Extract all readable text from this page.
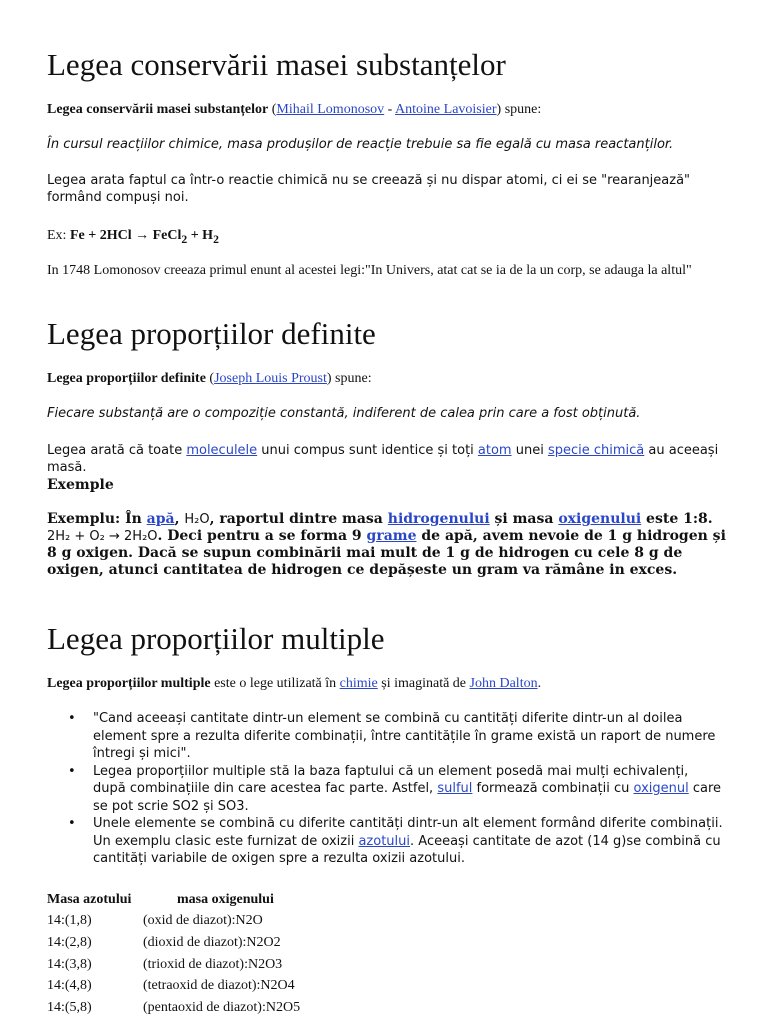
Legea conservării masei substanțelor

Legea conservării masei substanțelor (Mihail Lomonosov - Antoine Lavoisier) spune:

În cursul reacțiilor chimice, masa produșilor de reacție trebuie sa fie egală cu masa reactanților.

Legea arata faptul ca într-o reactie chimică nu se creează și nu dispar atomi, ci ei se "rearanjează" formând compuși noi.

Ex: Fe + 2HCl → FeCl$_2$ + $H_2$

In 1748 Lomonosov creeaza primul enunt al acestei legi:"In Univers, atat cat se ia de la un corp, se adauga la altul"

Legea proporțiilor definite

Legea proporțiilor definite (Joseph Louis Proust) spune:

Fiecare substanță are o compoziție constantă, indiferent de calea prin care a fost obținută.

Legea arată că toate moleculele unui compus sunt identice și toți atom unei specie chimică au aceeași masă.

Exemple

Exemplu: În apă, H₂O, raportul dintre masa hidrogenului și masa oxigenului este 1:8.
2H₂ + O₂ → 2H₂O. Deci pentru a se forma 9 grame de apă, avem nevoie de 1 g hidrogen și 8 g oxigen. Dacă se supun combinării mai mult de 1 g de hidrogen cu cele 8 g de oxigen, atunci cantitatea de hidrogen ce depășeste un gram va rămâne in exces.

Legea proporțiilor multiple

Legea proporțiilor multiple este o lege utilizată în chimie și imaginată de John Dalton.

• "Cand aceeași cantitate dintr-un element se combină cu cantități diferite dintr-un al doilea element spre a rezulta diferite combinații, între cantitățile în grame există un raport de numere întregi și mici".
• Legea proporțiilor multiple stă la baza faptului că un element posedă mai mulți echivalenți, după combinațiile din care acestea fac parte. Astfel, sulful formează combinații cu oxigenul care se pot scrie SO2 și SO3.
• Unele elemente se combină cu diferite cantități dintr-un alt element formând diferite combinații. Un exemplu clasic este furnizat de oxizii azotului. Aceeași cantitate de azot (14 g)se combină cu cantități variabile de oxigen spre a rezulta oxizii azotului.
Masa azotului	masa oxigenului
14:(1,8)	(oxid de diazot):N2O
14:(2,8)	(dioxid de diazot):N2O2
14:(3,8)	(trioxid de diazot):N2O3
14:(4,8)	(tetraoxid de diazot):N2O4
14:(5,8)	(pentaoxid de diazot):N2O5
